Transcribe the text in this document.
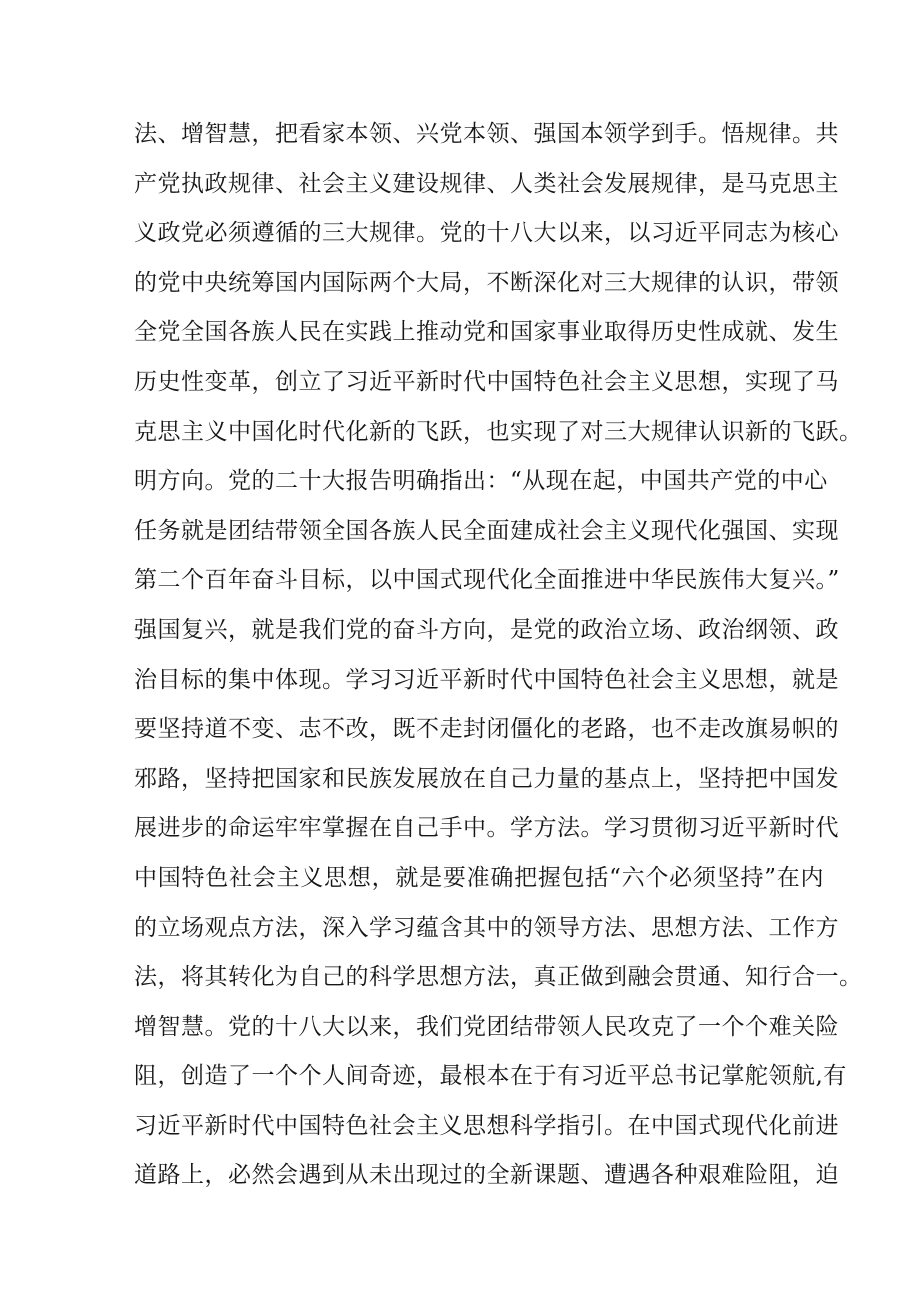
法、增智慧，把看家本领、兴党本领、强国本领学到手。悟规律。共
产党执政规律、社会主义建设规律、人类社会发展规律，是马克思主
义政党必须遵循的三大规律。党的十八大以来，以习近平同志为核心
的党中央统筹国内国际两个大局，不断深化对三大规律的认识，带领
全党全国各族人民在实践上推动党和国家事业取得历史性成就、发生
历史性变革，创立了习近平新时代中国特色社会主义思想，实现了马
克思主义中国化时代化新的飞跃，也实现了对三大规律认识新的飞跃。
明方向。党的二十大报告明确指出：“从现在起，中国共产党的中心
任务就是团结带领全国各族人民全面建成社会主义现代化强国、实现
第二个百年奋斗目标，以中国式现代化全面推进中华民族伟大复兴。”
强国复兴，就是我们党的奋斗方向，是党的政治立场、政治纲领、政
治目标的集中体现。学习习近平新时代中国特色社会主义思想，就是
要坚持道不变、志不改，既不走封闭僵化的老路，也不走改旗易帜的
邪路，坚持把国家和民族发展放在自己力量的基点上，坚持把中国发
展进步的命运牢牢掌握在自己手中。学方法。学习贯彻习近平新时代
中国特色社会主义思想，就是要准确把握包括“六个必须坚持”在内
的立场观点方法，深入学习蕴含其中的领导方法、思想方法、工作方
法，将其转化为自己的科学思想方法，真正做到融会贯通、知行合一。
增智慧。党的十八大以来，我们党团结带领人民攻克了一个个难关险
阻，创造了一个个人间奇迹，最根本在于有习近平总书记掌舵领航,有
习近平新时代中国特色社会主义思想科学指引。在中国式现代化前进
道路上，必然会遇到从未出现过的全新课题、遭遇各种艰难险阻，迫
